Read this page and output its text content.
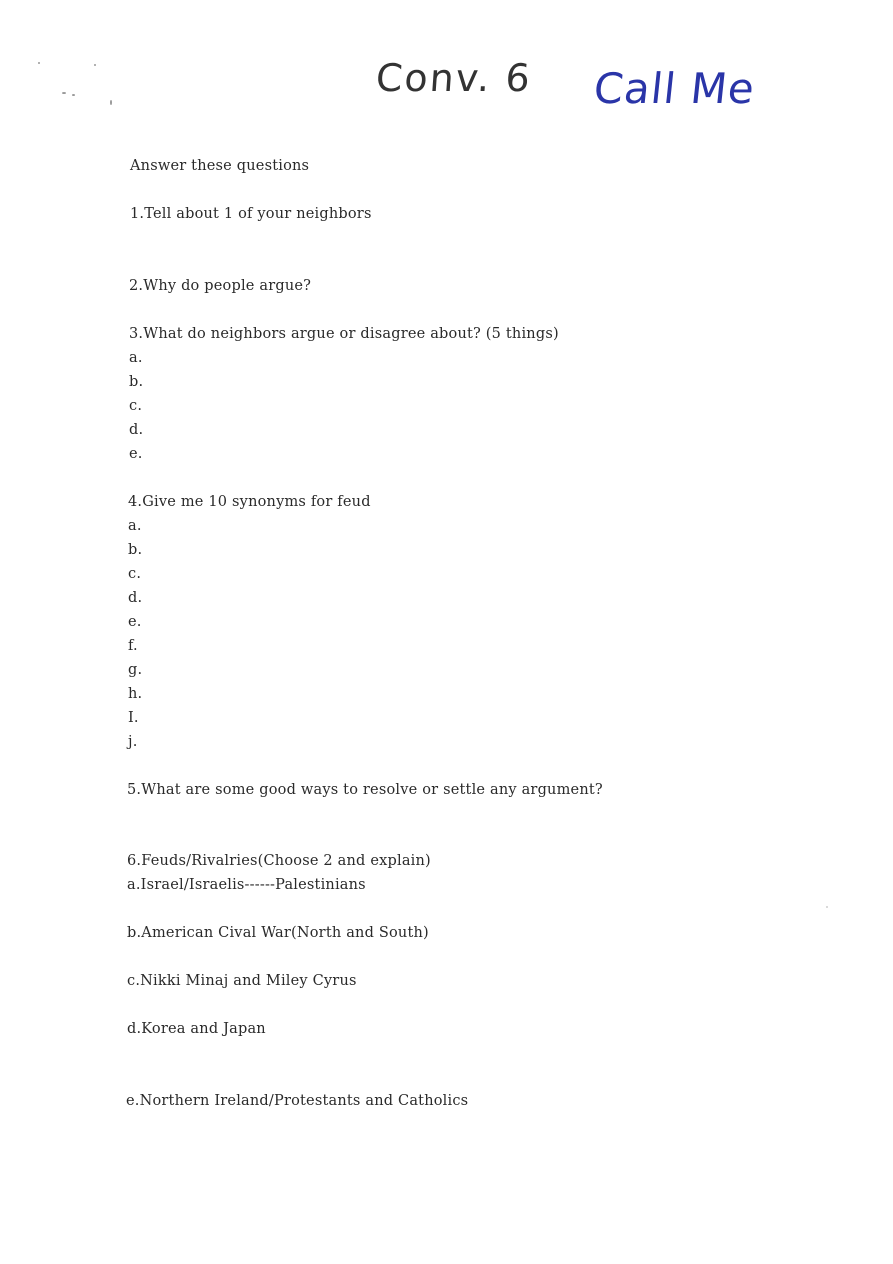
Conv. 6 Call Me
Answer these questions
1.Tell about 1 of your neighbors
2.Why do people argue?
3.What do neighbors argue or disagree about? (5 things)
a.
b.
c.
d.
e.
4.Give me 10 synonyms for feud
a.
b.
c.
d.
e.
f.
g.
h.
I.
j.
5.What are some good ways to resolve or settle any argument?
6.Feuds/Rivalries(Choose 2 and explain)
a.Israel/Israelis------Palestinians
b.American Cival War(North and South)
c.Nikki Minaj and Miley Cyrus
d.Korea and Japan
e.Northern Ireland/Protestants and Catholics
